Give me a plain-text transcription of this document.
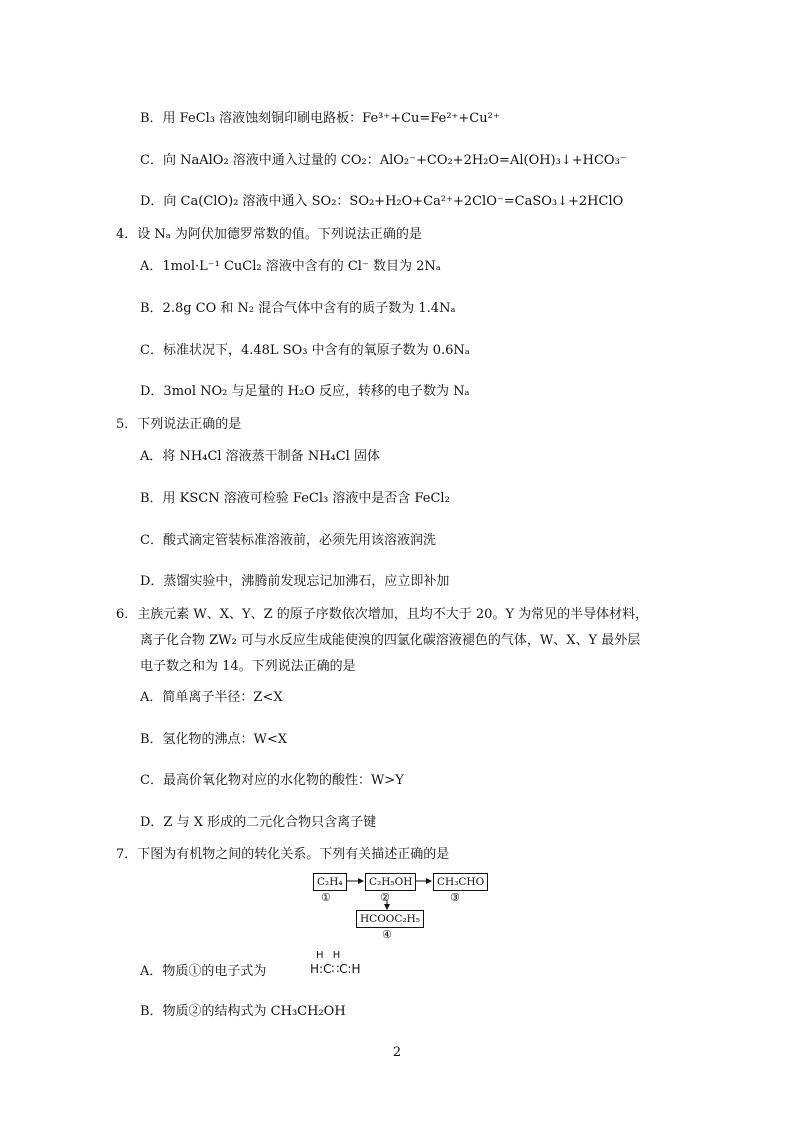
B．用 FeCl₃ 溶液蚀刻铜印刷电路板：Fe³⁺+Cu=Fe²⁺+Cu²⁺
C．向 NaAlO₂ 溶液中通入过量的 CO₂：AlO₂⁻+CO₂+2H₂O=Al(OH)₃↓+HCO₃⁻
D．向 Ca(ClO)₂ 溶液中通入 SO₂：SO₂+H₂O+Ca²⁺+2ClO⁻=CaSO₃↓+2HClO
4．设 Nₐ 为阿伏加德罗常数的值。下列说法正确的是
A．1mol·L⁻¹ CuCl₂ 溶液中含有的 Cl⁻ 数目为 2Nₐ
B．2.8g CO 和 N₂ 混合气体中含有的质子数为 1.4Nₐ
C．标准状况下，4.48L SO₃ 中含有的氧原子数为 0.6Nₐ
D．3mol NO₂ 与足量的 H₂O 反应，转移的电子数为 Nₐ
5．下列说法正确的是
A．将 NH₄Cl 溶液蒸干制备 NH₄Cl 固体
B．用 KSCN 溶液可检验 FeCl₃ 溶液中是否含 FeCl₂
C．酸式滴定管装标准溶液前，必须先用该溶液润洗
D．蒸馏实验中，沸腾前发现忘记加沸石，应立即补加
6．主族元素 W、X、Y、Z 的原子序数依次增加，且均不大于 20。Y 为常见的半导体材料，
离子化合物 ZW₂ 可与水反应生成能使溴的四氯化碳溶液褪色的气体，W、X、Y 最外层
电子数之和为 14。下列说法正确的是
A．简单离子半径：Z<X
B．氢化物的沸点：W<X
C．最高价氧化物对应的水化物的酸性：W>Y
D．Z 与 X 形成的二元化合物只含离子键
7．下图为有机物之间的转化关系。下列有关描述正确的是
C₂H₄	C₂H₅OH	CH₃CHO
HCOOC₂H₅
①	②	③
④
A．物质①的电子式为
H H
H:C∷C:H
B．物质②的结构式为 CH₃CH₂OH
2
